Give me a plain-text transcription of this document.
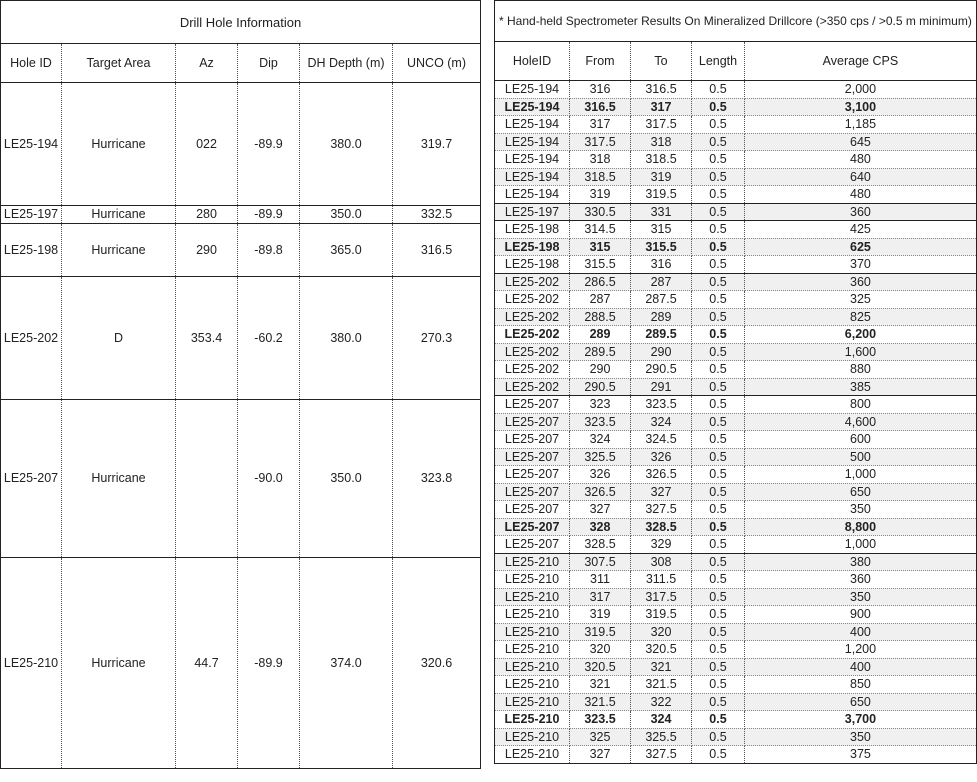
Drill Hole Information					
Hole ID	Target Area	Az	Dip	DH Depth (m)	UNCO (m)
LE25-194	Hurricane	022	-89.9	380.0	319.7
LE25-197	Hurricane	280	-89.9	350.0	332.5
LE25-198	Hurricane	290	-89.8	365.0	316.5
LE25-202	D	353.4	-60.2	380.0	270.3
LE25-207	Hurricane		-90.0	350.0	323.8
LE25-210	Hurricane	44.7	-89.9	374.0	320.6
* Hand-held Spectrometer Results On Mineralized Drillcore (>350 cps / >0.5 m minimum)				
HoleID	From	To	Length	Average CPS
LE25-194	316	316.5	0.5	2,000
LE25-194	316.5	317	0.5	3,100
LE25-194	317	317.5	0.5	1,185
LE25-194	317.5	318	0.5	645
LE25-194	318	318.5	0.5	480
LE25-194	318.5	319	0.5	640
LE25-194	319	319.5	0.5	480
LE25-197	330.5	331	0.5	360
LE25-198	314.5	315	0.5	425
LE25-198	315	315.5	0.5	625
LE25-198	315.5	316	0.5	370
LE25-202	286.5	287	0.5	360
LE25-202	287	287.5	0.5	325
LE25-202	288.5	289	0.5	825
LE25-202	289	289.5	0.5	6,200
LE25-202	289.5	290	0.5	1,600
LE25-202	290	290.5	0.5	880
LE25-202	290.5	291	0.5	385
LE25-207	323	323.5	0.5	800
LE25-207	323.5	324	0.5	4,600
LE25-207	324	324.5	0.5	600
LE25-207	325.5	326	0.5	500
LE25-207	326	326.5	0.5	1,000
LE25-207	326.5	327	0.5	650
LE25-207	327	327.5	0.5	350
LE25-207	328	328.5	0.5	8,800
LE25-207	328.5	329	0.5	1,000
LE25-210	307.5	308	0.5	380
LE25-210	311	311.5	0.5	360
LE25-210	317	317.5	0.5	350
LE25-210	319	319.5	0.5	900
LE25-210	319.5	320	0.5	400
LE25-210	320	320.5	0.5	1,200
LE25-210	320.5	321	0.5	400
LE25-210	321	321.5	0.5	850
LE25-210	321.5	322	0.5	650
LE25-210	323.5	324	0.5	3,700
LE25-210	325	325.5	0.5	350
LE25-210	327	327.5	0.5	375
